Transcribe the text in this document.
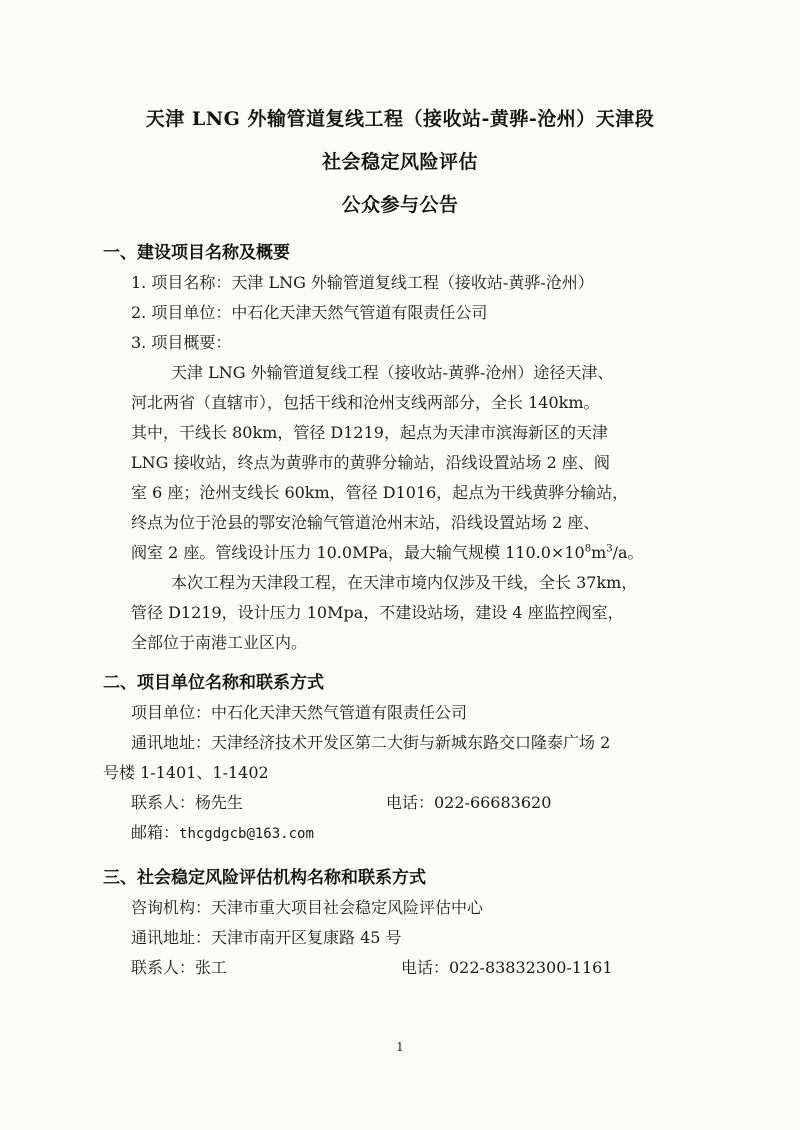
天津 LNG 外输管道复线工程（接收站-黄骅-沧州）天津段
社会稳定风险评估
公众参与公告
一、建设项目名称及概要
1. 项目名称：天津 LNG 外输管道复线工程（接收站-黄骅-沧州）
2. 项目单位：中石化天津天然气管道有限责任公司
3. 项目概要：
天津 LNG 外输管道复线工程（接收站-黄骅-沧州）途径天津、
河北两省（直辖市），包括干线和沧州支线两部分，全长 140km。
其中，干线长 80km，管径 D1219，起点为天津市滨海新区的天津
LNG 接收站，终点为黄骅市的黄骅分输站，沿线设置站场 2 座、阀
室 6 座；沧州支线长 60km，管径 D1016，起点为干线黄骅分输站，
终点为位于沧县的鄂安沧输气管道沧州末站，沿线设置站场 2 座、
阀室 2 座。管线设计压力 10.0MPa，最大输气规模 $110.0\times 10^8m^3/a$。
本次工程为天津段工程，在天津市境内仅涉及干线，全长 37km，
管径 D1219，设计压力 10Mpa，不建设站场，建设 4 座监控阀室，
全部位于南港工业区内。
二、项目单位名称和联系方式
项目单位：中石化天津天然气管道有限责任公司
通讯地址：天津经济技术开发区第二大街与新城东路交口隆泰广场 2
号楼 1-1401、1-1402
联系人：杨先生	电话：022-66683620
邮箱：thcgdgcb@163.com
三、社会稳定风险评估机构名称和联系方式
咨询机构：天津市重大项目社会稳定风险评估中心
通讯地址：天津市南开区复康路 45 号
联系人：张工	电话：022-83832300-1161
1
